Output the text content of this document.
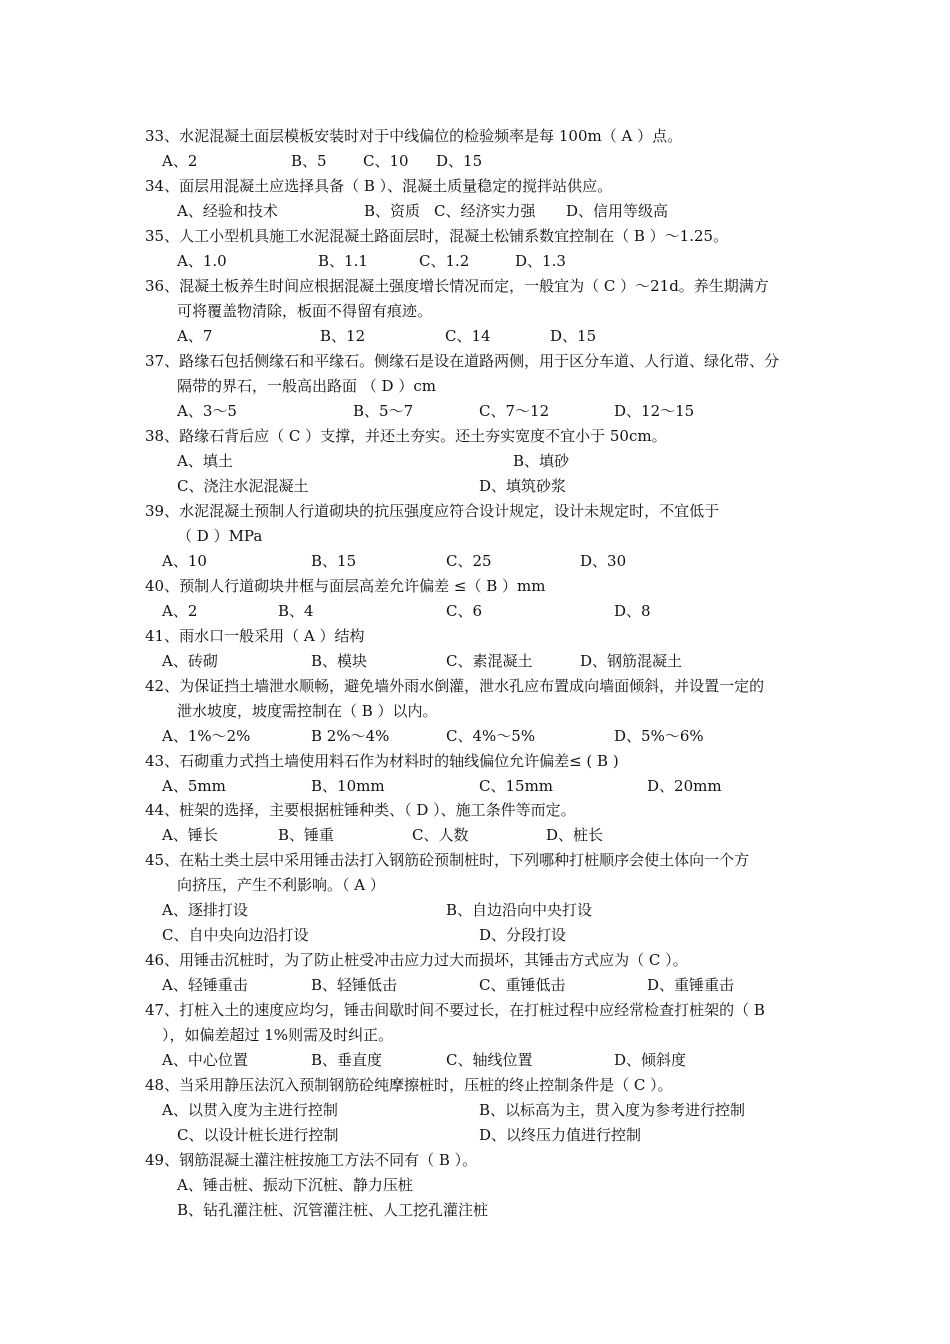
33、水泥混凝土面层模板安装时对于中线偏位的检验频率是每 100m（ A ）点。
A、2	B、5 C、10 D、15
34、面层用混凝土应选择具备（ B ）、混凝土质量稳定的搅拌站供应。
A、经验和技术	B、资质 C、经济实力强 D、信用等级高
35、人工小型机具施工水泥混凝土路面层时，混凝土松铺系数宜控制在（ B ）～1.25。
A、1.0	B、1.1	C、1.2	D、1.3
36、混凝土板养生时间应根据混凝土强度增长情况而定，一般宜为（ C ）～21d。养生期满方
可将覆盖物清除，板面不得留有痕迹。
A、7	B、12	C、14	D、15
37、路缘石包括侧缘石和平缘石。侧缘石是设在道路两侧，用于区分车道、人行道、绿化带、分
隔带的界石，一般高出路面 （ D ）cm
A、3～5	B、5～7	C、7～12	D、12～15
38、路缘石背后应（ C ）支撑，并还土夯实。还土夯实宽度不宜小于 50cm。
A、填土	B、填砂
C、浇注水泥混凝土	D、填筑砂浆
39、水泥混凝土预制人行道砌块的抗压强度应符合设计规定，设计未规定时，不宜低于
（ D ）MPa
A、10	B、15	C、25	D、30
40、预制人行道砌块井框与面层高差允许偏差 ≤（ B ）mm
A、2	B、4	C、6	D、8
41、雨水口一般采用（ A ）结构
A、砖砌	B、模块	C、素混凝土	D、钢筋混凝土
42、为保证挡土墙泄水顺畅，避免墙外雨水倒灌，泄水孔应布置成向墙面倾斜，并设置一定的
泄水坡度，坡度需控制在（ B ）以内。
A、1%～2%	B 2%～4%	C、4%～5%	D、5%～6%
43、石砌重力式挡土墙使用料石作为材料时的轴线偏位允许偏差≤ ( B )
A、5mm	B、10mm	C、15mm	D、20mm
44、桩架的选择，主要根据桩锤种类、（ D ）、施工条件等而定。
A、锤长	B、锤重	C、人数	D、桩长
45、在粘土类土层中采用锤击法打入钢筋砼预制桩时，下列哪种打桩顺序会使土体向一个方
向挤压，产生不利影响。（ A ）
A、逐排打设	B、自边沿向中央打设
C、自中央向边沿打设	D、分段打设
46、用锤击沉桩时，为了防止桩受冲击应力过大而损坏，其锤击方式应为（ C ）。
A、轻锤重击	B、轻锤低击	C、重锤低击	D、重锤重击
47、打桩入土的速度应均匀，锤击间歇时间不要过长，在打桩过程中应经常检查打桩架的（ B
），如偏差超过 1%则需及时纠正。
A、中心位置	B、垂直度	C、轴线位置	D、倾斜度
48、当采用静压法沉入预制钢筋砼纯摩擦桩时，压桩的终止控制条件是（ C ）。
A、以贯入度为主进行控制	B、以标高为主，贯入度为参考进行控制
C、以设计桩长进行控制	D、以终压力值进行控制
49、钢筋混凝土灌注桩按施工方法不同有（ B ）。
A、锤击桩、振动下沉桩、静力压桩
B、钻孔灌注桩、沉管灌注桩、人工挖孔灌注桩
